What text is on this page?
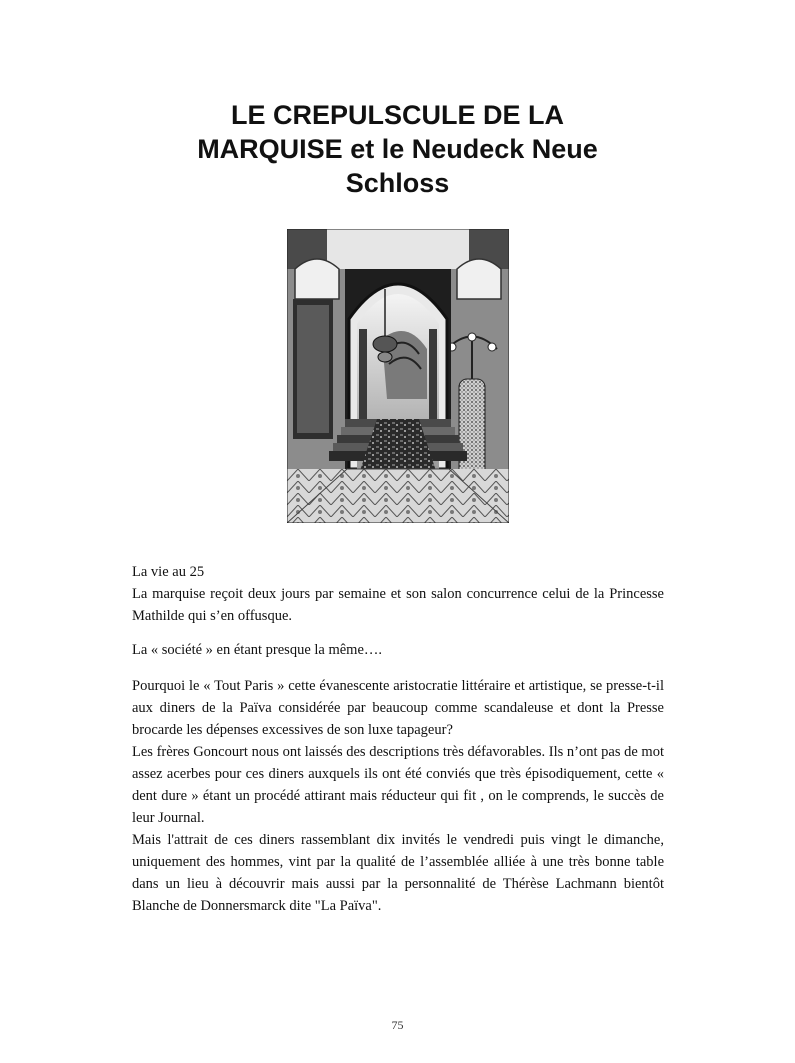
LE CREPULSCULE DE LA
MARQUISE et le Neudeck Neue
Schloss

La vie au 25

La marquise reçoit deux jours par semaine et son salon concurrence celui de la Princesse Mathilde qui s’en offusque.

La « société » en étant presque la même….

Pourquoi le « Tout Paris » cette évanescente aristocratie littéraire et artistique, se presse-t-il aux diners de la Païva considérée par beaucoup comme scandaleuse et dont la Presse brocarde les dépenses excessives de son luxe tapageur?

Les frères Goncourt nous ont laissés des descriptions très défavorables. Ils n’ont pas de mot assez acerbes pour ces diners auxquels ils ont été conviés que très épisodiquement, cette « dent dure » étant un procédé attirant mais réducteur qui fit , on le comprends, le succès de leur Journal.

Mais l'attrait de ces diners rassemblant dix invités le vendredi puis vingt le dimanche, uniquement des hommes, vint par la qualité de l’assemblée alliée à une très bonne table dans un lieu à découvrir mais aussi par la personnalité de Thérèse Lachmann bientôt Blanche de Donnersmarck dite "La Païva".

75
